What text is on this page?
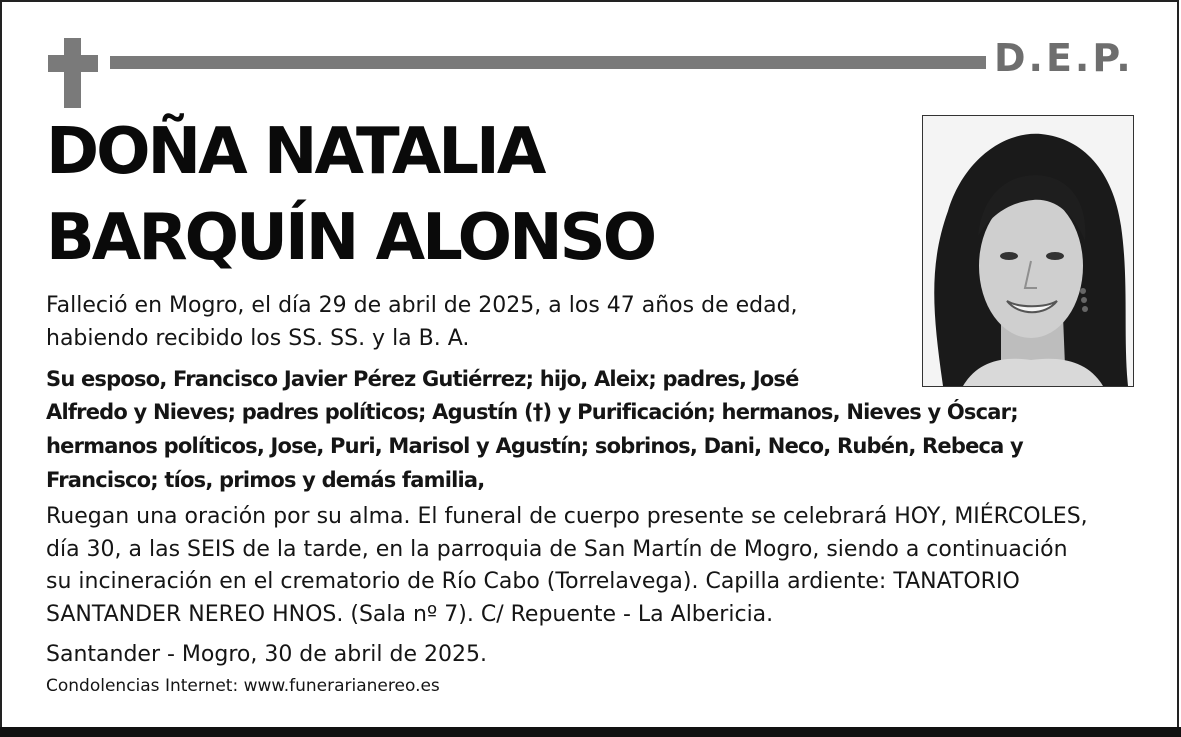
D.E.P.
DOÑA NATALIA
BARQUÍN ALONSO
Falleció en Mogro, el día 29 de abril de 2025, a los 47 años de edad,
habiendo recibido los SS. SS. y la B. A.
Su esposo, Francisco Javier Pérez Gutiérrez; hijo, Aleix; padres, José
Alfredo y Nieves; padres políticos; Agustín (†) y Purificación; hermanos, Nieves y Óscar;
hermanos políticos, Jose, Puri, Marisol y Agustín; sobrinos, Dani, Neco, Rubén, Rebeca y
Francisco; tíos, primos y demás familia,
Ruegan una oración por su alma. El funeral de cuerpo presente se celebrará HOY, MIÉRCOLES,
día 30, a las SEIS de la tarde, en la parroquia de San Martín de Mogro, siendo a continuación
su incineración en el crematorio de Río Cabo (Torrelavega). Capilla ardiente: TANATORIO
SANTANDER NEREO HNOS. (Sala nº 7). C/ Repuente - La Albericia.
Santander - Mogro, 30 de abril de 2025.
Condolencias Internet: www.funerarianereo.es
